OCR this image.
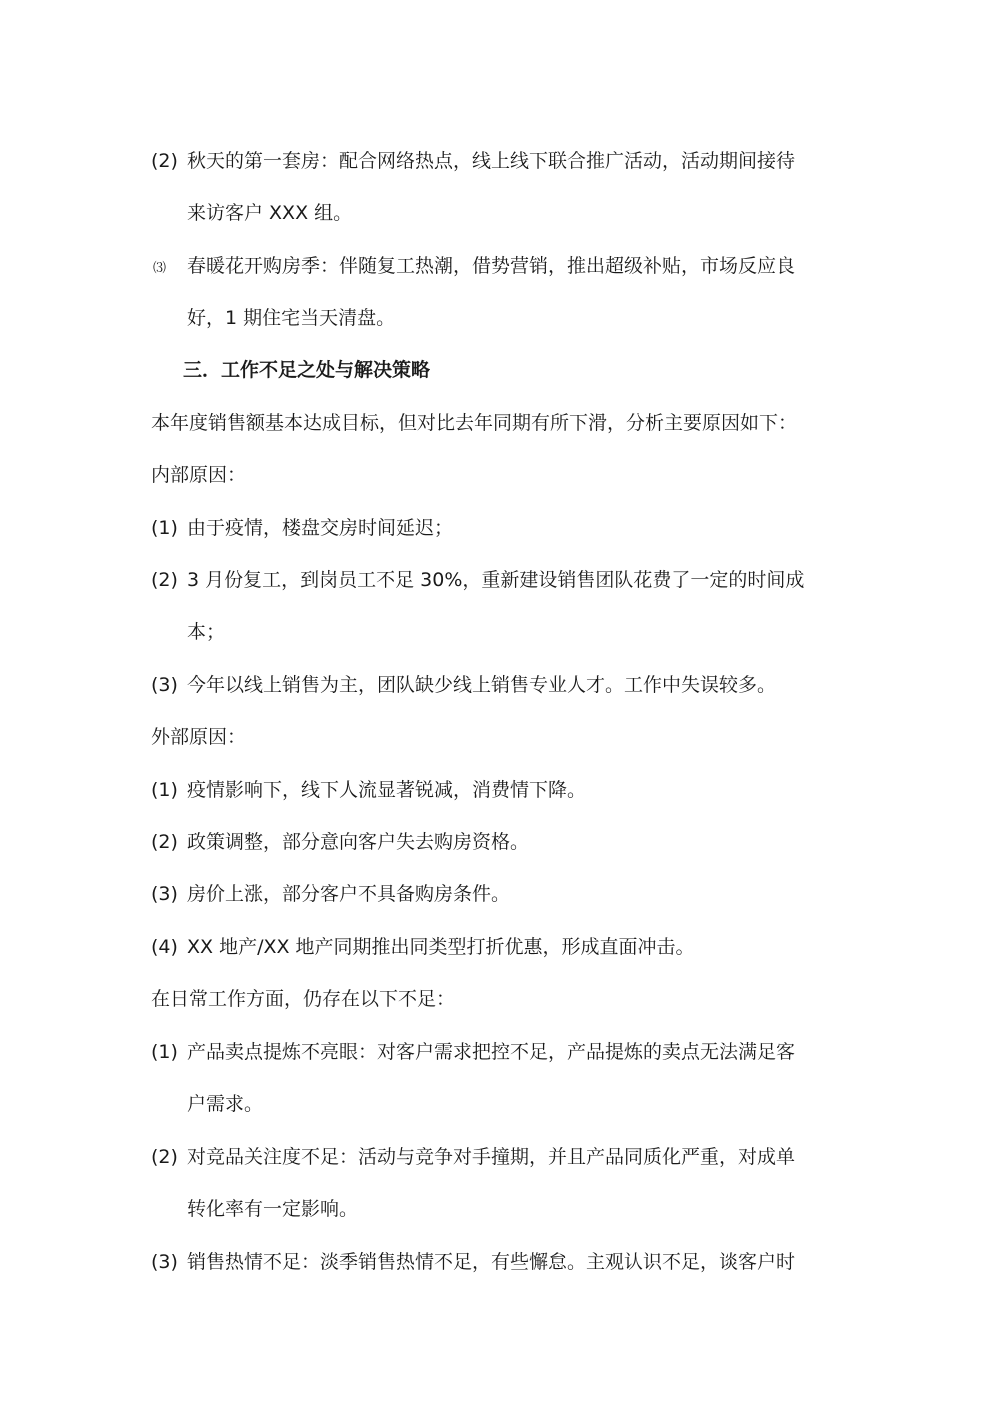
(2) 秋天的第一套房：配合网络热点，线上线下联合推广活动，活动期间接待
来访客户 XXX 组。
⑶ 春暖花开购房季：伴随复工热潮，借势营销，推出超级补贴，市场反应良
好，1 期住宅当天清盘。
三．工作不足之处与解决策略
本年度销售额基本达成目标，但对比去年同期有所下滑，分析主要原因如下：
内部原因：
(1) 由于疫情，楼盘交房时间延迟；
(2) 3 月份复工，到岗员工不足 30%，重新建设销售团队花费了一定的时间成
本；
(3) 今年以线上销售为主，团队缺少线上销售专业人才。工作中失误较多。
外部原因：
(1) 疫情影响下，线下人流显著锐减，消费情下降。
(2) 政策调整，部分意向客户失去购房资格。
(3) 房价上涨，部分客户不具备购房条件。
(4) XX 地产/XX 地产同期推出同类型打折优惠，形成直面冲击。
在日常工作方面，仍存在以下不足：
(1) 产品卖点提炼不亮眼：对客户需求把控不足，产品提炼的卖点无法满足客
户需求。
(2) 对竞品关注度不足：活动与竞争对手撞期，并且产品同质化严重，对成单
转化率有一定影响。
(3) 销售热情不足：淡季销售热情不足，有些懈怠。主观认识不足，谈客户时
